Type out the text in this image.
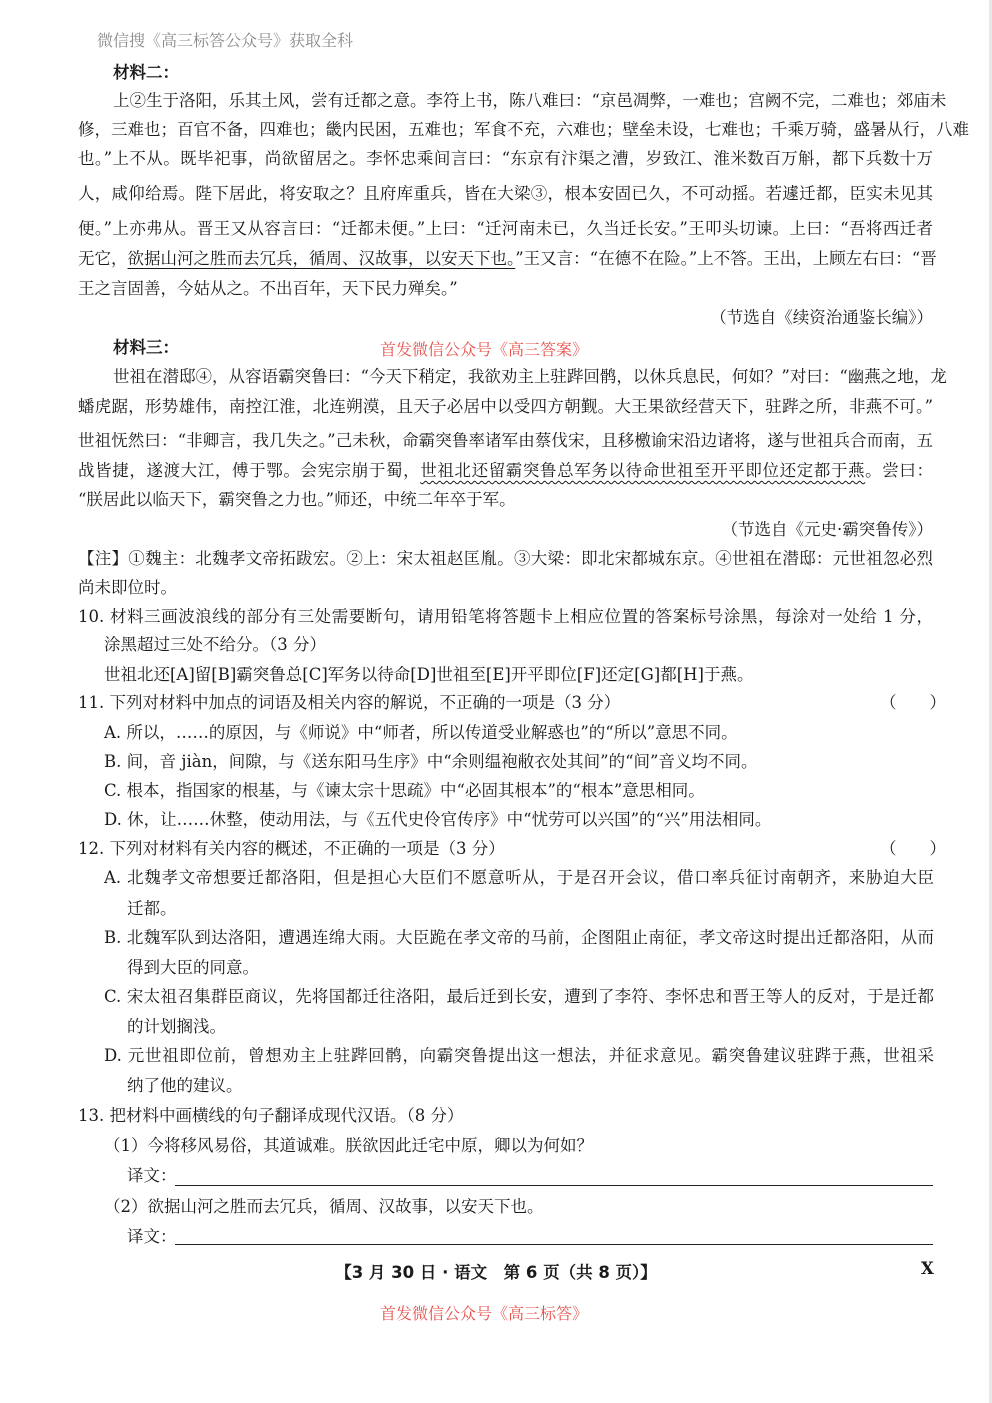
微信搜《高三标答公众号》获取全科
材料二：
上②生于洛阳，乐其土风，尝有迁都之意。李符上书，陈八难曰：“京邑凋弊，一难也；宫阙不完，二难也；郊庙未
修，三难也；百官不备，四难也；畿内民困，五难也；军食不充，六难也；壁垒未设，七难也；千乘万骑，盛暑从行，八难
也。”上不从。既毕祀事，尚欲留居之。李怀忠乘间言曰：“东京有汴渠之漕，岁致江、淮米数百万斛，都下兵数十万
人，咸仰给焉。陛下居此，将安取之？且府库重兵，皆在大梁③，根本安固已久，不可动摇。若遽迁都，臣实未见其
便。”上亦弗从。晋王又从容言曰：“迁都未便。”上曰：“迁河南未已，久当迁长安。”王叩头切谏。上曰：“吾将西迁者
无它，欲据山河之胜而去冗兵，循周、汉故事，以安天下也。”王又言：“在德不在险。”上不答。王出，上顾左右曰：“晋
王之言固善，今姑从之。不出百年，天下民力殚矣。”
（节选自《续资治通鉴长编》）
材料三：	首发微信公众号《高三答案》
世祖在潜邸④，从容语霸突鲁曰：“今天下稍定，我欲劝主上驻跸回鹘，以休兵息民，何如？”对曰：“幽燕之地，龙
蟠虎踞，形势雄伟，南控江淮，北连朔漠，且天子必居中以受四方朝觐。大王果欲经营天下，驻跸之所，非燕不可。”
世祖怃然曰：“非卿言，我几失之。”己未秋，命霸突鲁率诸军由蔡伐宋，且移檄谕宋沿边诸将，遂与世祖兵合而南，五
战皆捷，遂渡大江，傅于鄂。会宪宗崩于蜀，世祖北还留霸突鲁总军务以待命世祖至开平即位还定都于燕。尝曰：
“朕居此以临天下，霸突鲁之力也。”师还，中统二年卒于军。
（节选自《元史·霸突鲁传》）
【注】①魏主：北魏孝文帝拓跋宏。②上：宋太祖赵匡胤。③大梁：即北宋都城东京。④世祖在潜邸：元世祖忽必烈
尚未即位时。
10. 材料三画波浪线的部分有三处需要断句，请用铅笔将答题卡上相应位置的答案标号涂黑，每涂对一处给 1 分，
涂黑超过三处不给分。（3 分）
世祖北还[A]留[B]霸突鲁总[C]军务以待命[D]世祖至[E]开平即位[F]还定[G]都[H]于燕。
11. 下列对材料中加点的词语及相关内容的解说，不正确的一项是（3 分）	（　　）
A. 所以，……的原因，与《师说》中“师者，所以传道受业解惑也”的“所以”意思不同。
B. 间，音 jiàn，间隙，与《送东阳马生序》中“余则缊袍敝衣处其间”的“间”音义均不同。
C. 根本，指国家的根基，与《谏太宗十思疏》中“必固其根本”的“根本”意思相同。
D. 休，让……休整，使动用法，与《五代史伶官传序》中“忧劳可以兴国”的“兴”用法相同。
12. 下列对材料有关内容的概述，不正确的一项是（3 分）	（　　）
A. 北魏孝文帝想要迁都洛阳，但是担心大臣们不愿意听从，于是召开会议，借口率兵征讨南朝齐，来胁迫大臣
迁都。
B. 北魏军队到达洛阳，遭遇连绵大雨。大臣跪在孝文帝的马前，企图阻止南征，孝文帝这时提出迁都洛阳，从而
得到大臣的同意。
C. 宋太祖召集群臣商议，先将国都迁往洛阳，最后迁到长安，遭到了李符、李怀忠和晋王等人的反对，于是迁都
的计划搁浅。
D. 元世祖即位前，曾想劝主上驻跸回鹘，向霸突鲁提出这一想法，并征求意见。霸突鲁建议驻跸于燕，世祖采
纳了他的建议。
13. 把材料中画横线的句子翻译成现代汉语。（8 分）
（1）今将移风易俗，其道诚难。朕欲因此迁宅中原，卿以为何如？
译文：
（2）欲据山河之胜而去冗兵，循周、汉故事，以安天下也。
译文：
【3 月 30 日 · 语文　第 6 页（共 8 页）】	X
首发微信公众号《高三标答》
